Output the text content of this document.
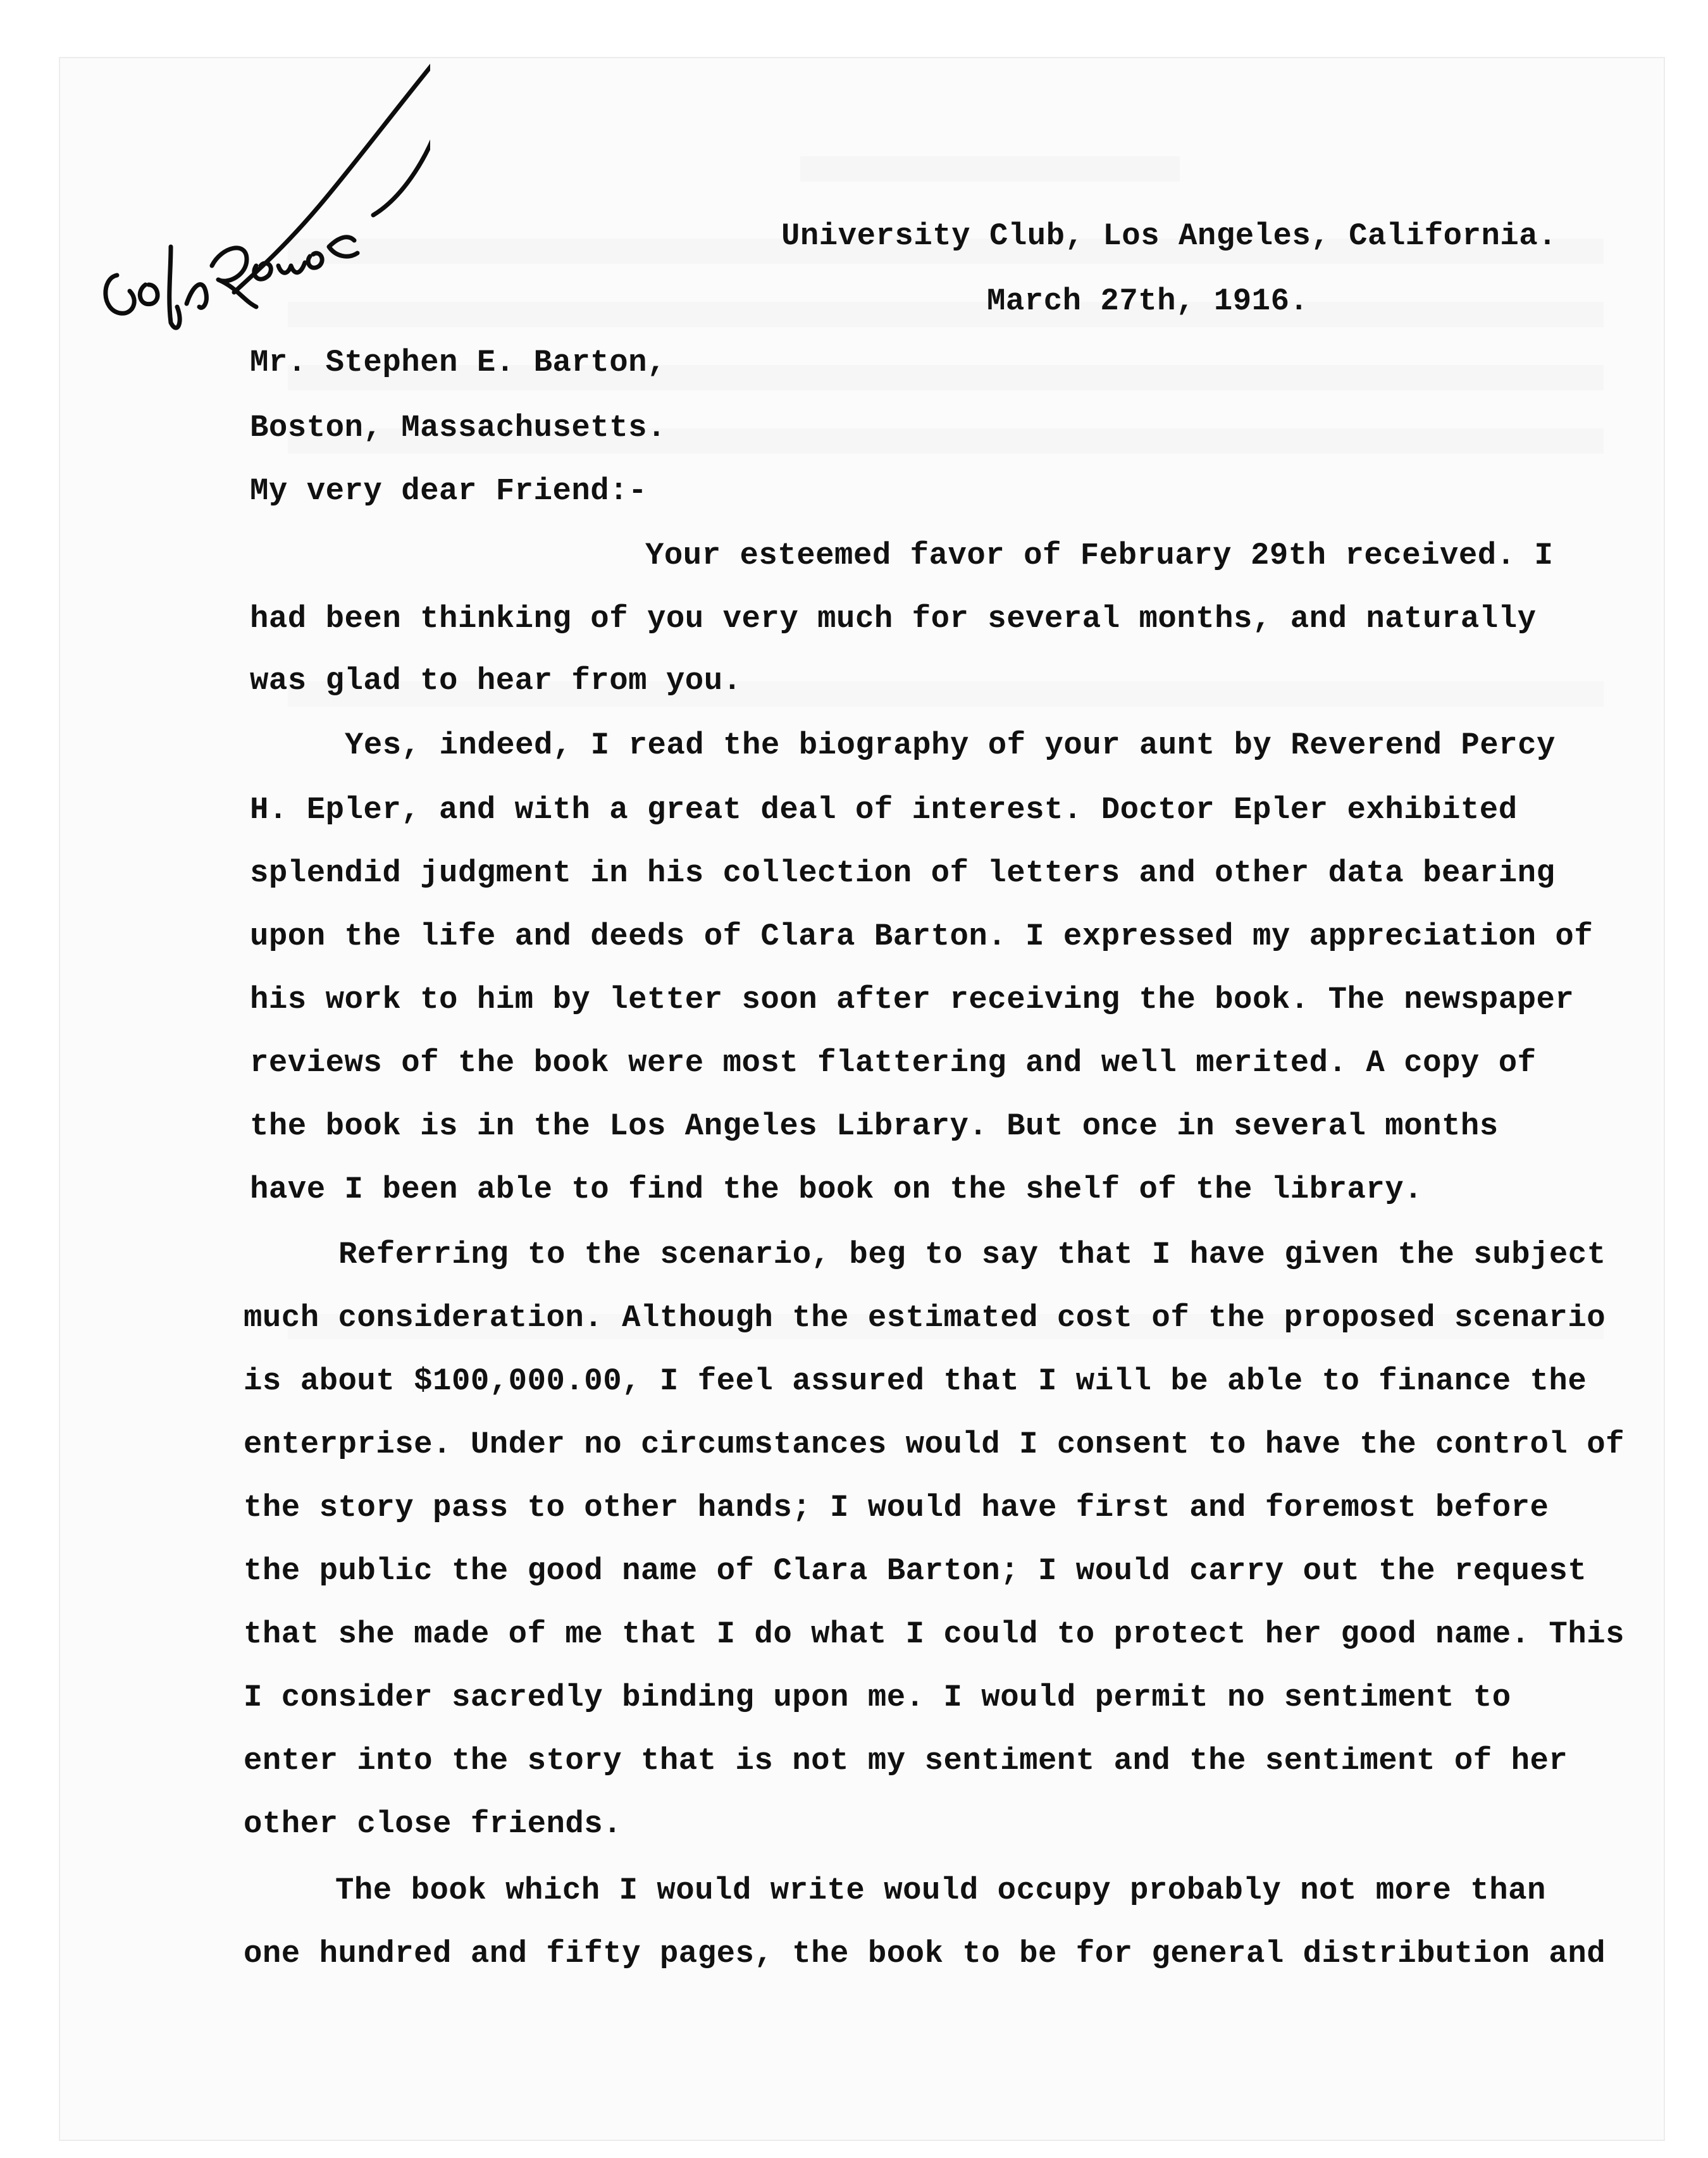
University Club, Los Angeles, California.
March 27th, 1916.
Mr. Stephen E. Barton,
Boston, Massachusetts.
My very dear Friend:-
Your esteemed favor of February 29th received. I
had been thinking of you very much for several months, and naturally
was glad to hear from you.
Yes, indeed, I read the biography of your aunt by Reverend Percy
H. Epler, and with a great deal of interest. Doctor Epler exhibited
splendid judgment in his collection of letters and other data bearing
upon the life and deeds of Clara Barton. I expressed my appreciation of
his work to him by letter soon after receiving the book. The newspaper
reviews of the book were most flattering and well merited. A copy of
the book is in the Los Angeles Library. But once in several months
have I been able to find the book on the shelf of the library.
Referring to the scenario, beg to say that I have given the subject
much consideration. Although the estimated cost of the proposed scenario
is about $100,000.00, I feel assured that I will be able to finance the
enterprise. Under no circumstances would I consent to have the control of
the story pass to other hands; I would have first and foremost before
the public the good name of Clara Barton; I would carry out the request
that she made of me that I do what I could to protect her good name. This
I consider sacredly binding upon me. I would permit no sentiment to
enter into the story that is not my sentiment and the sentiment of her
other close friends.
The book which I would write would occupy probably not more than
one hundred and fifty pages, the book to be for general distribution and
